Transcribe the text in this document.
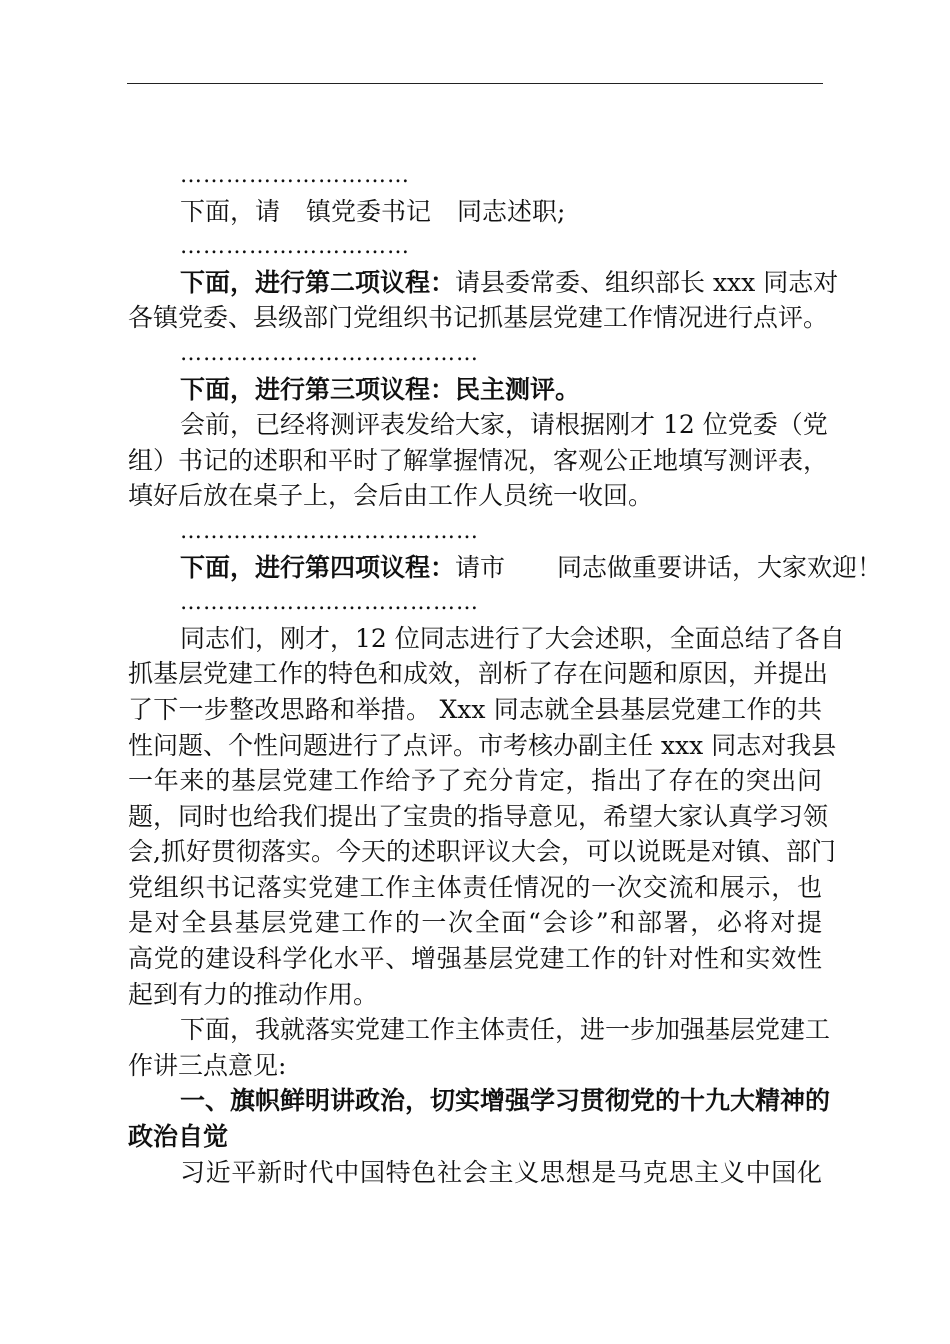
…………………………
下面，请 镇党委书记 同志述职;
…………………………
下面，进行第二项议程：请县委常委、组织部长 xxx 同志对
各镇党委、县级部门党组织书记抓基层党建工作情况进行点评。
…………………………………
下面，进行第三项议程：民主测评。
会前，已经将测评表发给大家，请根据刚才 12 位党委（党
组）书记的述职和平时了解掌握情况，客观公正地填写测评表，
填好后放在桌子上，会后由工作人员统一收回。
…………………………………
下面，进行第四项议程：请市 同志做重要讲话，大家欢迎！
…………………………………
同志们，刚才，12 位同志进行了大会述职，全面总结了各自
抓基层党建工作的特色和成效，剖析了存在问题和原因，并提出
了下一步整改思路和举措。 Xxx 同志就全县基层党建工作的共
性问题、个性问题进行了点评。市考核办副主任 xxx 同志对我县
一年来的基层党建工作给予了充分肯定，指出了存在的突出问
题，同时也给我们提出了宝贵的指导意见，希望大家认真学习领
会,抓好贯彻落实。今天的述职评议大会，可以说既是对镇、部门
党组织书记落实党建工作主体责任情况的一次交流和展示，也
是对全县基层党建工作的一次全面“会诊”和部署，必将对提
高党的建设科学化水平、增强基层党建工作的针对性和实效性
起到有力的推动作用。
下面，我就落实党建工作主体责任，进一步加强基层党建工
作讲三点意见:
一、旗帜鲜明讲政治，切实增强学习贯彻党的十九大精神的
政治自觉
习近平新时代中国特色社会主义思想是马克思主义中国化
